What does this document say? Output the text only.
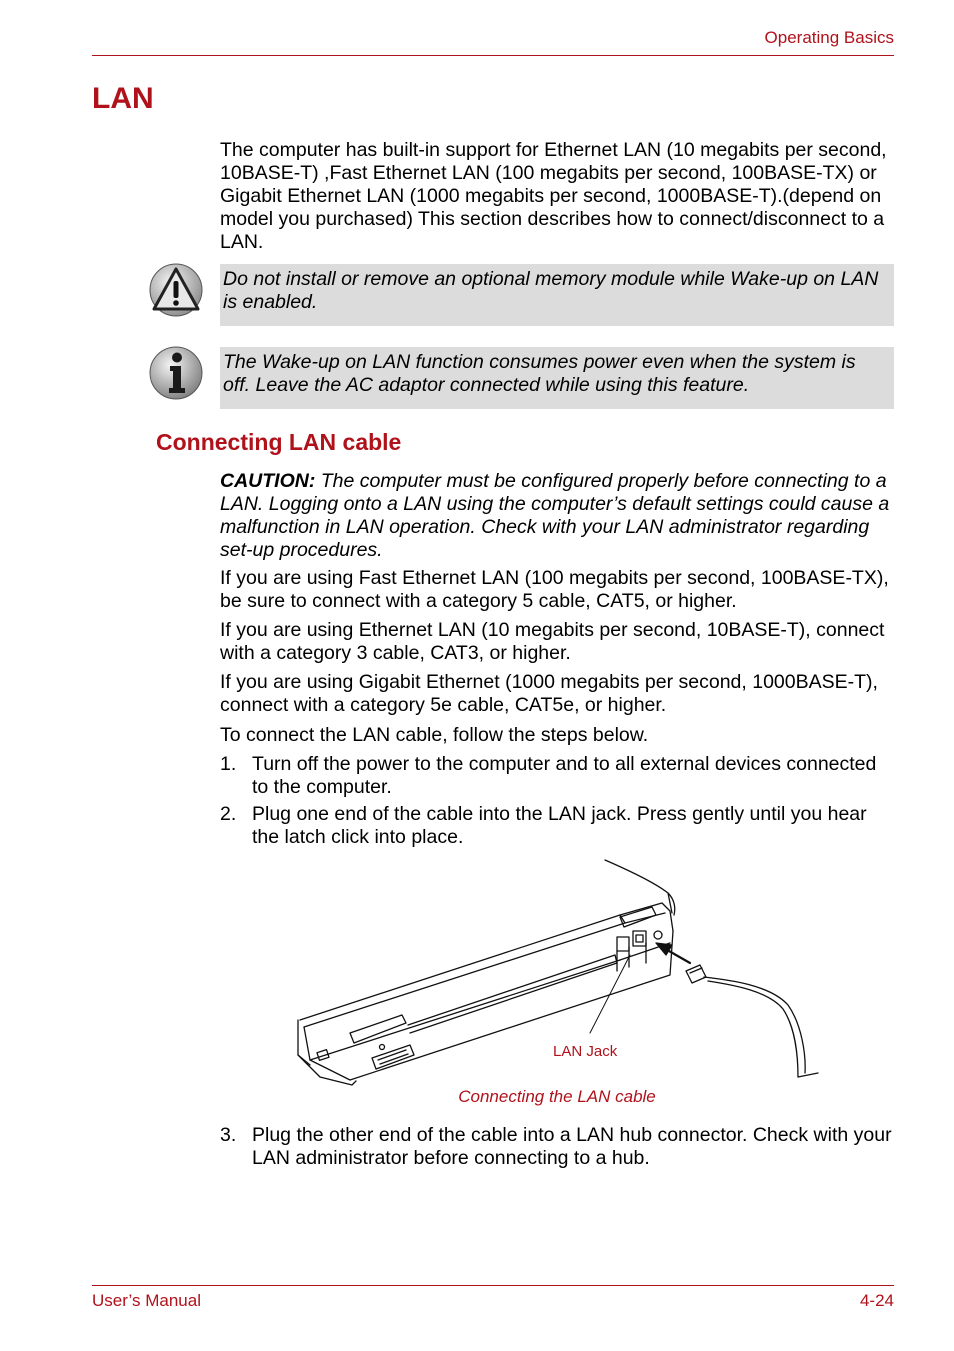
Operating Basics
LAN

The computer has built-in support for Ethernet LAN (10 megabits per second, 10BASE-T) ,Fast Ethernet LAN (100 megabits per second, 100BASE-TX) or Gigabit Ethernet LAN (1000 megabits per second, 1000BASE-T).(depend on model you purchased) This section describes how to connect/disconnect to a LAN.

Do not install or remove an optional memory module while Wake-up on LAN is enabled.
The Wake-up on LAN function consumes power even when the system is off. Leave the AC adaptor connected while using this feature.
Connecting LAN cable

CAUTION: The computer must be configured properly before connecting to a LAN. Logging onto a LAN using the computer’s default settings could cause a malfunction in LAN operation. Check with your LAN administrator regarding set-up procedures.

If you are using Fast Ethernet LAN (100 megabits per second, 100BASE-TX), be sure to connect with a category 5 cable, CAT5, or higher.

If you are using Ethernet LAN (10 megabits per second, 10BASE-T), connect with a category 3 cable, CAT3, or higher.

If you are using Gigabit Ethernet (1000 megabits per second, 1000BASE-T), connect with a category 5e cable, CAT5e, or higher.

To connect the LAN cable, follow the steps below.

1. Turn off the power to the computer and to all external devices connected to the computer.
2. Plug one end of the cable into the LAN jack. Press gently until you hear the latch click into place.
LAN Jack
Connecting the LAN cable
3. Plug the other end of the cable into a LAN hub connector. Check with your LAN administrator before connecting to a hub.
User’s Manual	4-24
